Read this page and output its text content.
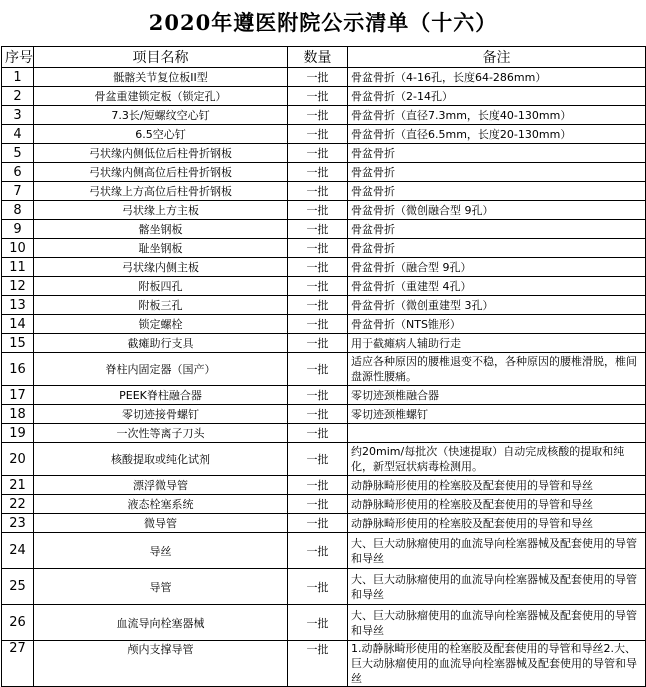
2020年遵医附院公示清单（十六）
序号	项目名称	数量	备注
1	骶髂关节复位板II型	一批	骨盆骨折（4-16孔，长度64-286mm）
2	骨盆重建锁定板（锁定孔）	一批	骨盆骨折（2-14孔）
3	7.3长/短螺纹空心钉	一批	骨盆骨折（直径7.3mm，长度40-130mm）
4	6.5空心钉	一批	骨盆骨折（直径6.5mm，长度20-130mm）
5	弓状缘内侧低位后柱骨折钢板	一批	骨盆骨折
6	弓状缘内侧高位后柱骨折钢板	一批	骨盆骨折
7	弓状缘上方高位后柱骨折钢板	一批	骨盆骨折
8	弓状缘上方主板	一批	骨盆骨折（微创融合型 9孔）
9	髂坐钢板	一批	骨盆骨折
10	耻坐钢板	一批	骨盆骨折
11	弓状缘内侧主板	一批	骨盆骨折（融合型 9孔）
12	附板四孔	一批	骨盆骨折（重建型 4孔）
13	附板三孔	一批	骨盆骨折（微创重建型 3孔）
14	锁定螺栓	一批	骨盆骨折（NTS锥形）
15	截瘫助行支具	一批	用于截瘫病人辅助行走
16	脊柱内固定器（国产）	一批	适应各种原因的腰椎退变不稳，各种原因的腰椎滑脱，椎间盘源性腰痛。
17	PEEK脊柱融合器	一批	零切迹颈椎融合器
18	零切迹接骨螺钉	一批	零切迹颈椎螺钉
19	一次性等离子刀头	一批	
20	核酸提取或纯化试剂	一批	约20mim/每批次（快速提取）自动完成核酸的提取和纯化，新型冠状病毒检测用。
21	漂浮微导管	一批	动静脉畸形使用的栓塞胶及配套使用的导管和导丝
22	液态栓塞系统	一批	动静脉畸形使用的栓塞胶及配套使用的导管和导丝
23	微导管	一批	动静脉畸形使用的栓塞胶及配套使用的导管和导丝
24	导丝	一批	大、巨大动脉瘤使用的血流导向栓塞器械及配套使用的导管和导丝
25	导管	一批	大、巨大动脉瘤使用的血流导向栓塞器械及配套使用的导管和导丝
26	血流导向栓塞器械	一批	大、巨大动脉瘤使用的血流导向栓塞器械及配套使用的导管和导丝
27	颅内支撑导管	一批	1.动静脉畸形使用的栓塞胶及配套使用的导管和导丝2.大、巨大动脉瘤使用的血流导向栓塞器械及配套使用的导管和导丝
